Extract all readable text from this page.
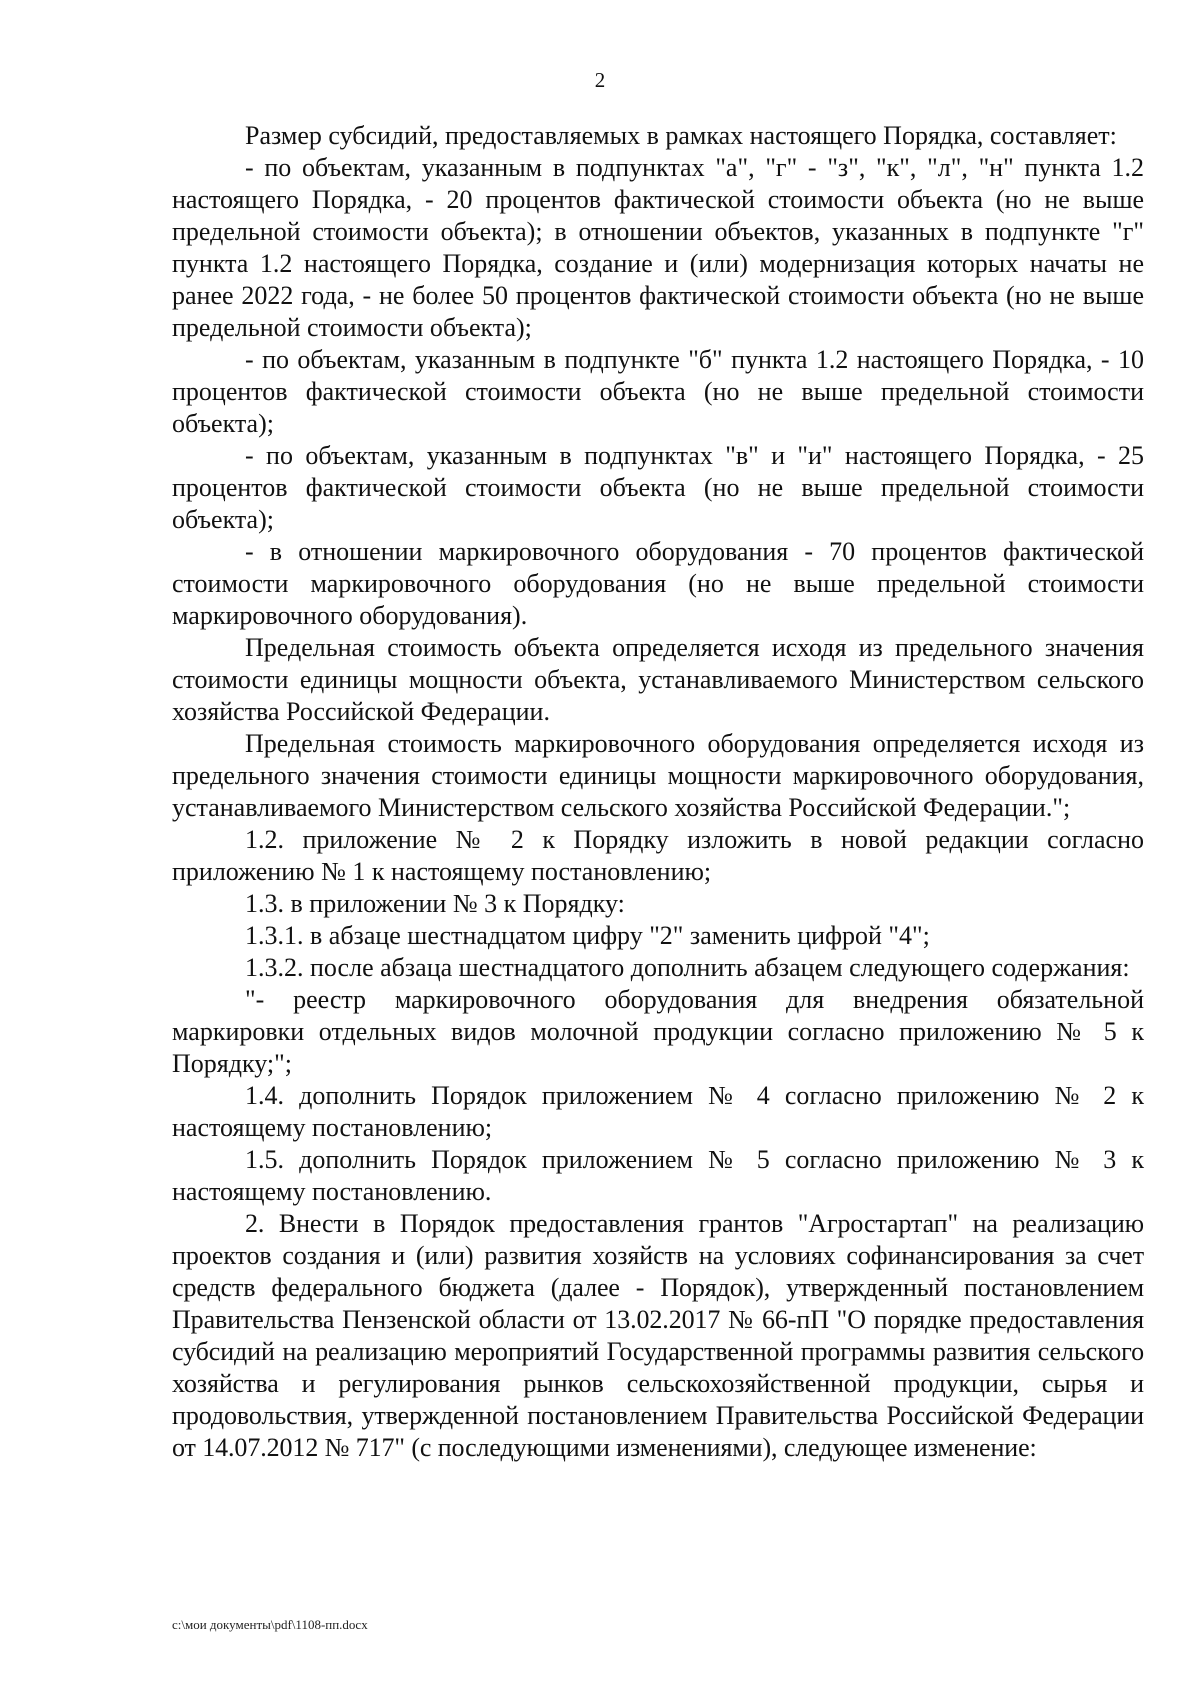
2

Размер субсидий, предоставляемых в рамках настоящего Порядка, составляет:

- по объектам, указанным в подпунктах "а", "г" - "з", "к", "л", "н" пункта 1.2 настоящего Порядка, - 20 процентов фактической стоимости объекта (но не выше предельной стоимости объекта); в отношении объектов, указанных в подпункте "г" пункта 1.2 настоящего Порядка, создание и (или) модернизация которых начаты не ранее 2022 года, - не более 50 процентов фактической стоимости объекта (но не выше предельной стоимости объекта);

- по объектам, указанным в подпункте "б" пункта 1.2 настоящего Порядка, - 10 процентов фактической стоимости объекта (но не выше предельной стоимости объекта);

- по объектам, указанным в подпунктах "в" и "и" настоящего Порядка, - 25 процентов фактической стоимости объекта (но не выше предельной стоимости объекта);

- в отношении маркировочного оборудования - 70 процентов фактической стоимости маркировочного оборудования (но не выше предельной стоимости маркировочного оборудования).

Предельная стоимость объекта определяется исходя из предельного значения стоимости единицы мощности объекта, устанавливаемого Министерством сельского хозяйства Российской Федерации.

Предельная стоимость маркировочного оборудования определяется исходя из предельного значения стоимости единицы мощности маркировочного оборудования, устанавливаемого Министерством сельского хозяйства Российской Федерации.";

1.2. приложение № 2 к Порядку изложить в новой редакции согласно приложению № 1 к настоящему постановлению;

1.3. в приложении № 3 к Порядку:

1.3.1. в абзаце шестнадцатом цифру "2" заменить цифрой "4";

1.3.2. после абзаца шестнадцатого дополнить абзацем следующего содержания:

"- реестр маркировочного оборудования для внедрения обязательной маркировки отдельных видов молочной продукции согласно приложению № 5 к Порядку;";

1.4. дополнить Порядок приложением № 4 согласно приложению № 2 к настоящему постановлению;

1.5. дополнить Порядок приложением № 5 согласно приложению № 3 к настоящему постановлению.

2. Внести в Порядок предоставления грантов "Агростартап" на реализацию проектов создания и (или) развития хозяйств на условиях софинансирования за счет средств федерального бюджета (далее - Порядок), утвержденный постановлением Правительства Пензенской области от 13.02.2017 № 66-пП "О порядке предоставления субсидий на реализацию мероприятий Государственной программы развития сельского хозяйства и регулирования рынков сельскохозяйственной продукции, сырья и продовольствия, утвержденной постановлением Правительства Российской Федерации от 14.07.2012 № 717" (с последующими изменениями), следующее изменение:

c:\мои документы\pdf\1108-пп.docx
